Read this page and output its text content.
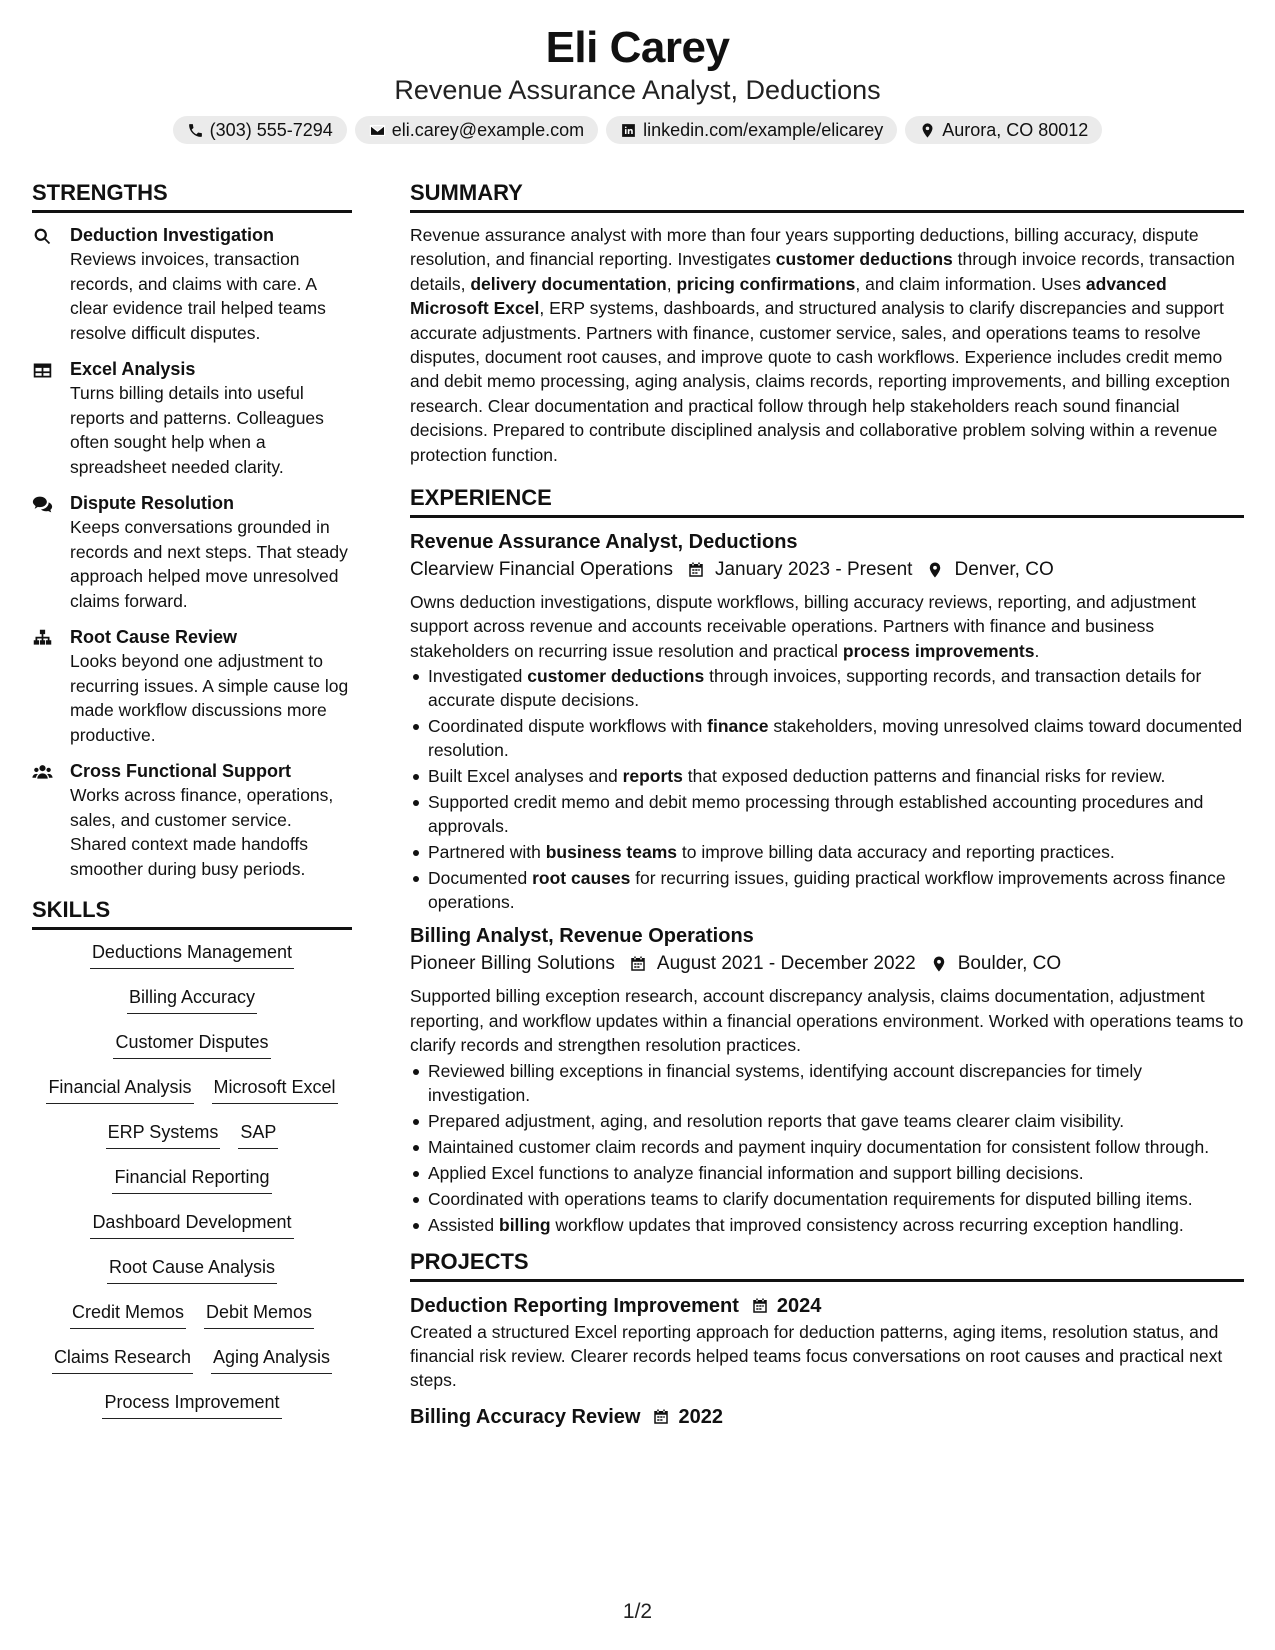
Eli Carey
Revenue Assurance Analyst, Deductions
(303) 555-7294	eli.carey@example.com	linkedin.com/example/elicarey	Aurora, CO 80012
STRENGTHS
Deduction Investigation
Reviews invoices, transaction records, and claims with care. A clear evidence trail helped teams resolve difficult disputes.
Excel Analysis
Turns billing details into useful reports and patterns. Colleagues often sought help when a spreadsheet needed clarity.
Dispute Resolution
Keeps conversations grounded in records and next steps. That steady approach helped move unresolved claims forward.
Root Cause Review
Looks beyond one adjustment to recurring issues. A simple cause log made workflow discussions more productive.
Cross Functional Support
Works across finance, operations, sales, and customer service. Shared context made handoffs smoother during busy periods.
SKILLS
Deductions Management
Billing Accuracy
Customer Disputes
Financial Analysis Microsoft Excel
ERP Systems SAP
Financial Reporting
Dashboard Development
Root Cause Analysis
Credit Memos Debit Memos
Claims Research Aging Analysis
Process Improvement
SUMMARY
Revenue assurance analyst with more than four years supporting deductions, billing accuracy, dispute resolution, and financial reporting. Investigates customer deductions through invoice records, transaction details, delivery documentation, pricing confirmations, and claim information. Uses advanced Microsoft Excel, ERP systems, dashboards, and structured analysis to clarify discrepancies and support accurate adjustments. Partners with finance, customer service, sales, and operations teams to resolve disputes, document root causes, and improve quote to cash workflows. Experience includes credit memo and debit memo processing, aging analysis, claims records, reporting improvements, and billing exception research. Clear documentation and practical follow through help stakeholders reach sound financial decisions. Prepared to contribute disciplined analysis and collaborative problem solving within a revenue protection function.
EXPERIENCE
Revenue Assurance Analyst, Deductions
Clearview Financial Operations January 2023 - Present Denver, CO
Owns deduction investigations, dispute workflows, billing accuracy reviews, reporting, and adjustment support across revenue and accounts receivable operations. Partners with finance and business stakeholders on recurring issue resolution and practical process improvements.
Investigated customer deductions through invoices, supporting records, and transaction details for accurate dispute decisions.
Coordinated dispute workflows with finance stakeholders, moving unresolved claims toward documented resolution.
Built Excel analyses and reports that exposed deduction patterns and financial risks for review.
Supported credit memo and debit memo processing through established accounting procedures and approvals.
Partnered with business teams to improve billing data accuracy and reporting practices.
Documented root causes for recurring issues, guiding practical workflow improvements across finance operations.
Billing Analyst, Revenue Operations
Pioneer Billing Solutions August 2021 - December 2022 Boulder, CO
Supported billing exception research, account discrepancy analysis, claims documentation, adjustment reporting, and workflow updates within a financial operations environment. Worked with operations teams to clarify records and strengthen resolution practices.
Reviewed billing exceptions in financial systems, identifying account discrepancies for timely investigation.
Prepared adjustment, aging, and resolution reports that gave teams clearer claim visibility.
Maintained customer claim records and payment inquiry documentation for consistent follow through.
Applied Excel functions to analyze financial information and support billing decisions.
Coordinated with operations teams to clarify documentation requirements for disputed billing items.
Assisted billing workflow updates that improved consistency across recurring exception handling.
PROJECTS
Deduction Reporting Improvement 2024
Created a structured Excel reporting approach for deduction patterns, aging items, resolution status, and financial risk review. Clearer records helped teams focus conversations on root causes and practical next steps.
Billing Accuracy Review 2022
1/2
